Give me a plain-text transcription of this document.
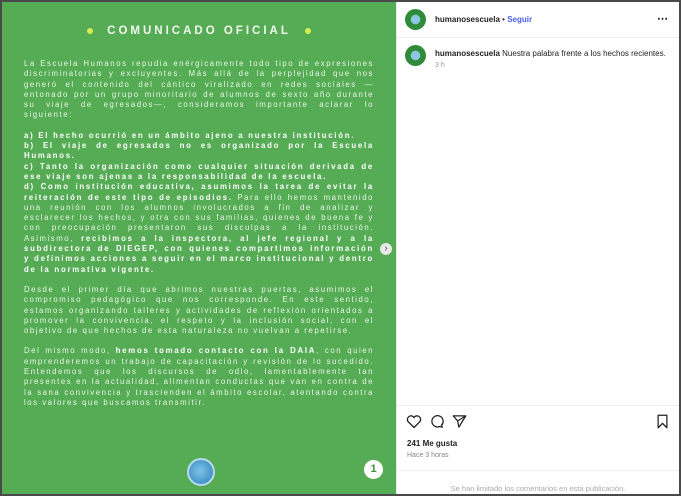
COMUNICADO OFICIAL

La Escuela Humanos repudia enérgicamente todo tipo de expresiones discriminatorias y excluyentes. Más allá de la perplejidad que nos generó el contenido del cántico viralizado en redes sociales —entonado por un grupo minoritario de alumnos de sexto año durante su viaje de egresados—, consideramos importante aclarar lo siguiente:

a) El hecho ocurrió en un ámbito ajeno a nuestra institución.
b) El viaje de egresados no es organizado por la Escuela Humanos.
c) Tanto la organización como cualquier situación derivada de ese viaje son ajenas a la responsabilidad de la escuela.
d) Como institución educativa, asumimos la tarea de evitar la reiteración de este tipo de episodios. Para ello hemos mantenido una reunión con los alumnos involucrados a fin de analizar y esclarecer los hechos, y otra con sus familias, quienes de buena fe y con preocupación presentaron sus disculpas a la institución. Asimismo, recibimos a la inspectora, al jefe regional y a la subdirectora de DIEGEP, con quienes compartimos información y definimos acciones a seguir en el marco institucional y dentro de la normativa vigente.

Desde el primer día que abrimos nuestras puertas, asumimos el compromiso pedagógico que nos corresponde. En este sentido, estamos organizando talleres y actividades de reflexión orientados a promover la convivencia, el respeto y la inclusión social, con el objetivo de que hechos de esta naturaleza no vuelvan a repetirse.

Del mismo modo, hemos tomado contacto con la DAIA, con quien emprenderemos un trabajo de capacitación y revisión de lo sucedido. Entendemos que los discursos de odio, lamentablemente tan presentes en la actualidad, alimentan conductas que van en contra de la sana convivencia y trascienden el ámbito escolar, atentando contra los valores que buscamos transmitir.

›
1
humanosescuela • Seguir	⋯
humanosescuela Nuestra palabra frente a los hechos recientes.
3 h
241 Me gusta
Hace 3 horas
Se han limitado los comentarios en esta publicación.
